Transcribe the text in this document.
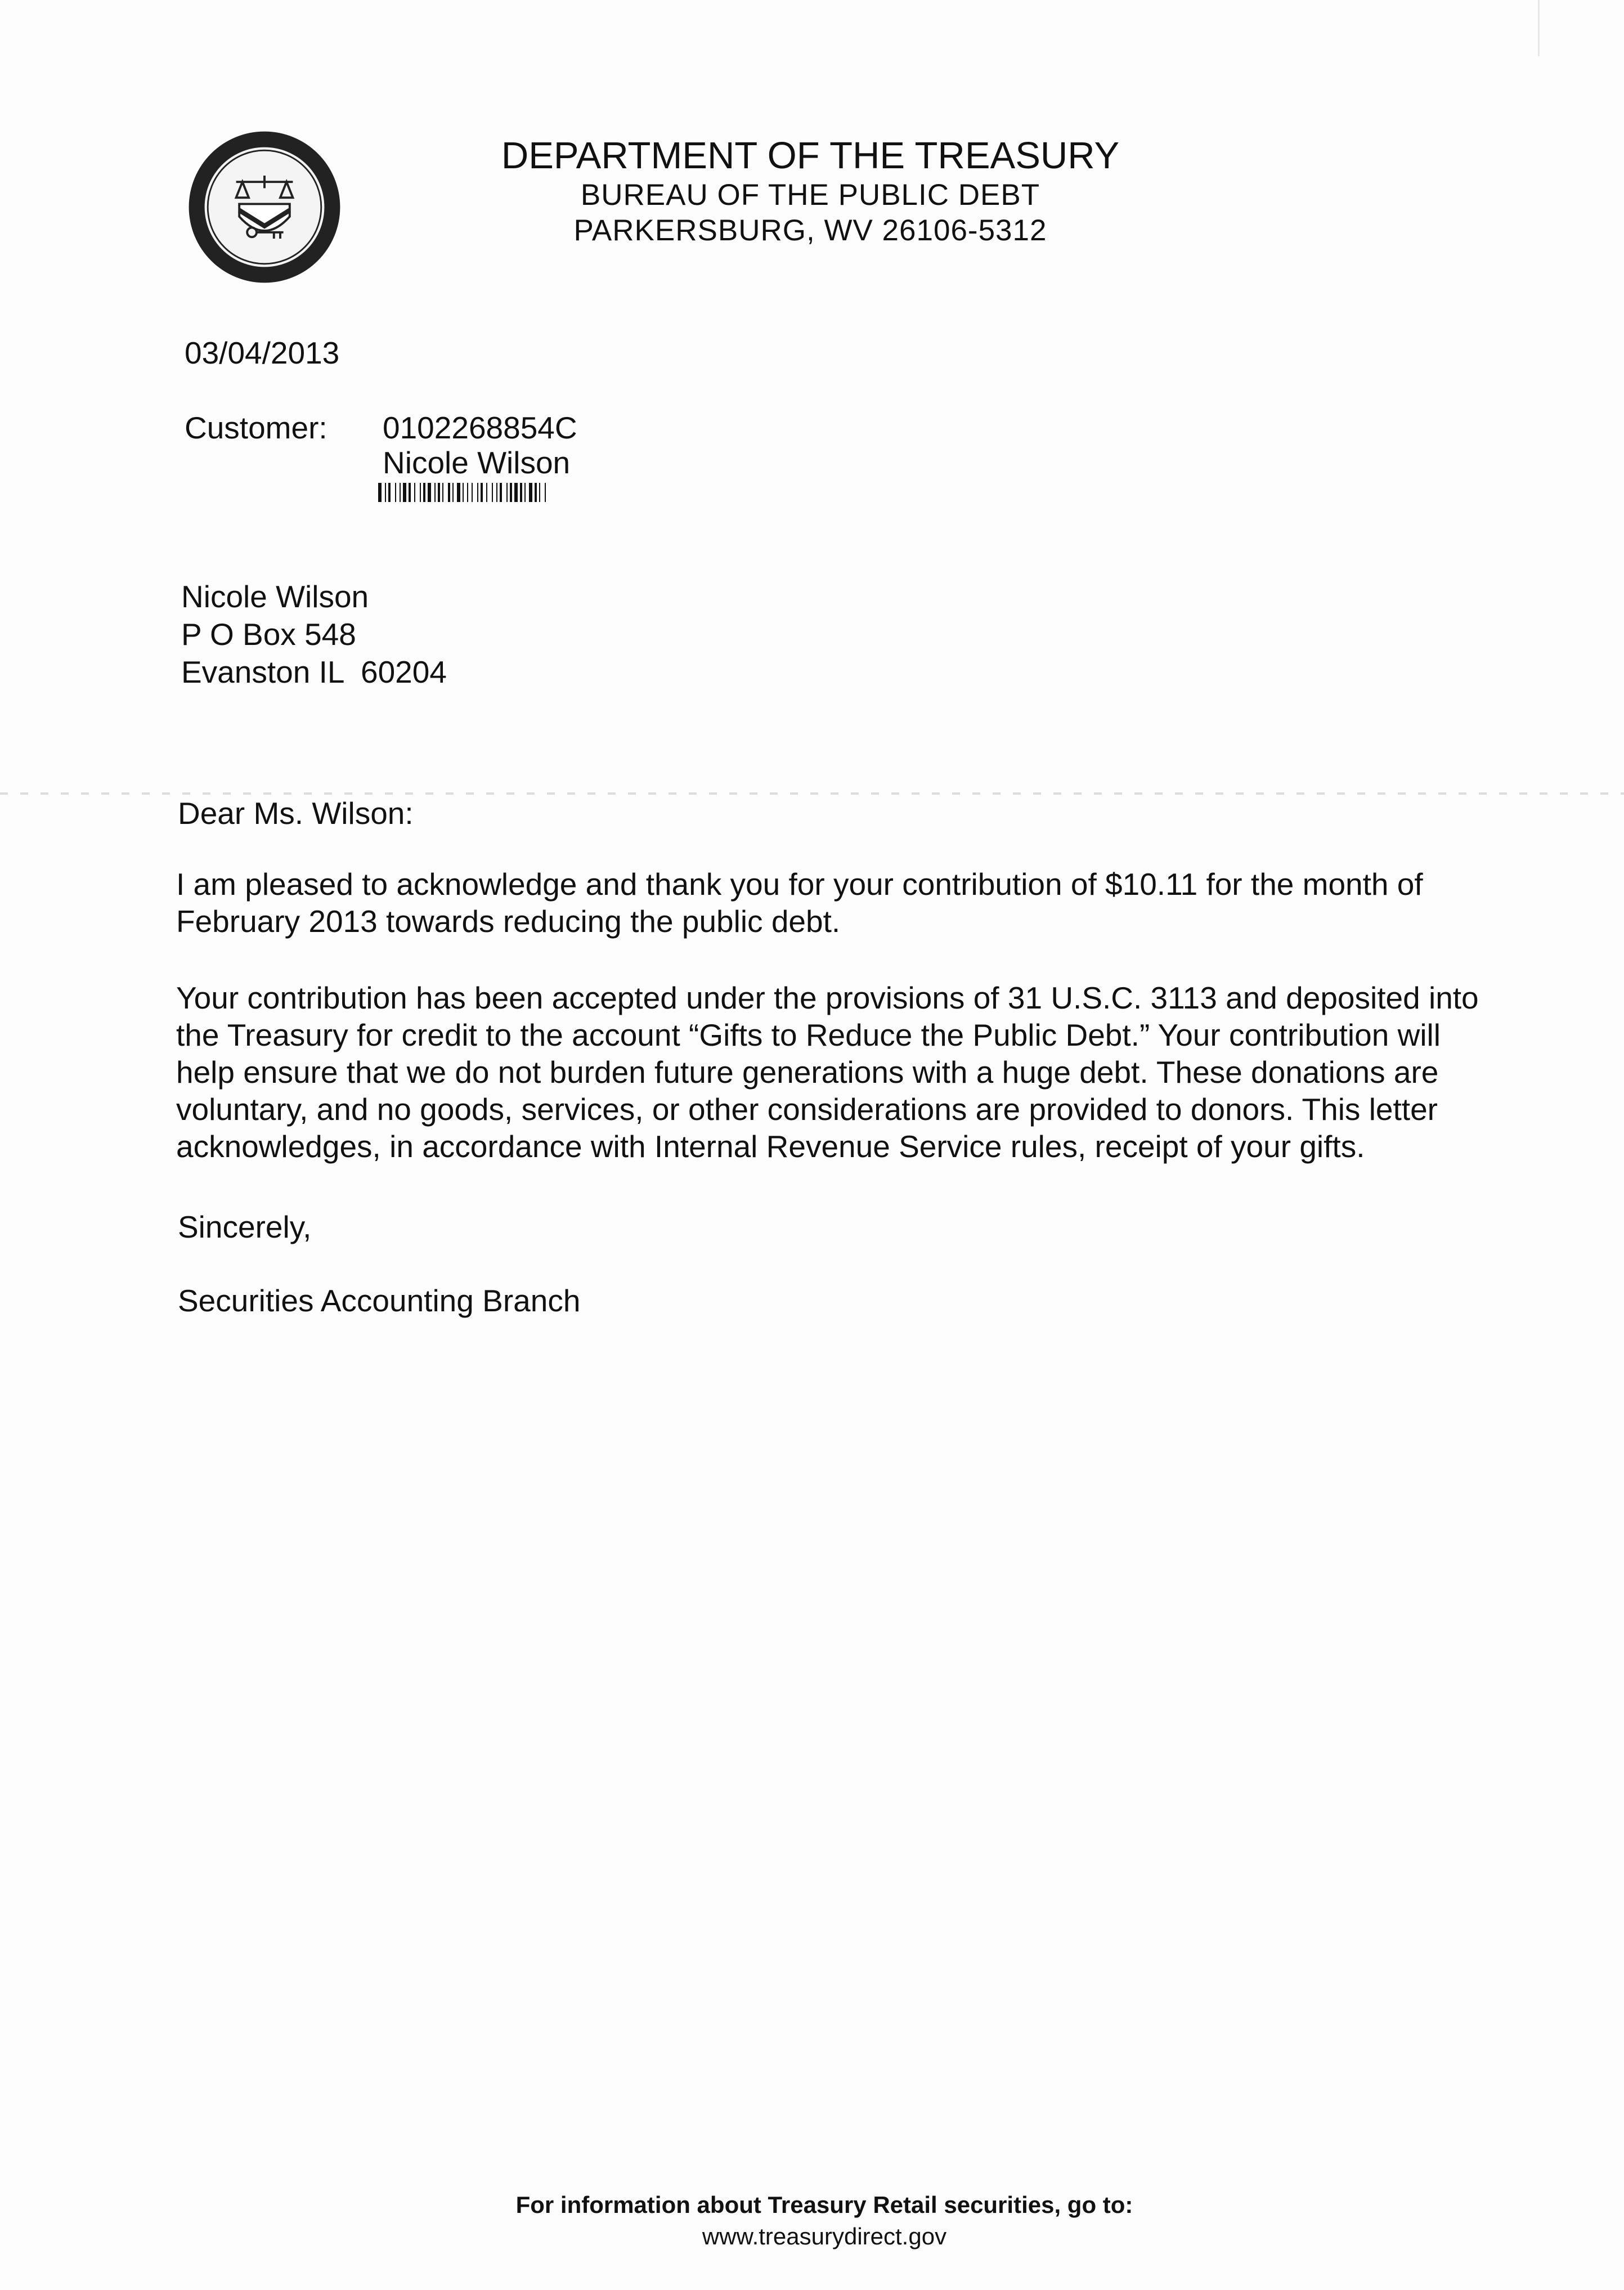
DEPARTMENT OF THE TREASURY
BUREAU OF THE PUBLIC DEBT
PARKERSBURG, WV 26106-5312
03/04/2013
Customer: 0102268854C
Nicole Wilson
Nicole Wilson
P O Box 548
Evanston IL  60204
Dear Ms. Wilson:
I am pleased to acknowledge and thank you for your contribution of $10.11 for the month of
February 2013 towards reducing the public debt.
Your contribution has been accepted under the provisions of 31 U.S.C. 3113 and deposited into
the Treasury for credit to the account “Gifts to Reduce the Public Debt.” Your contribution will
help ensure that we do not burden future generations with a huge debt. These donations are
voluntary, and no goods, services, or other considerations are provided to donors. This letter
acknowledges, in accordance with Internal Revenue Service rules, receipt of your gifts.
Sincerely,
Securities Accounting Branch
For information about Treasury Retail securities, go to:
www.treasurydirect.gov
